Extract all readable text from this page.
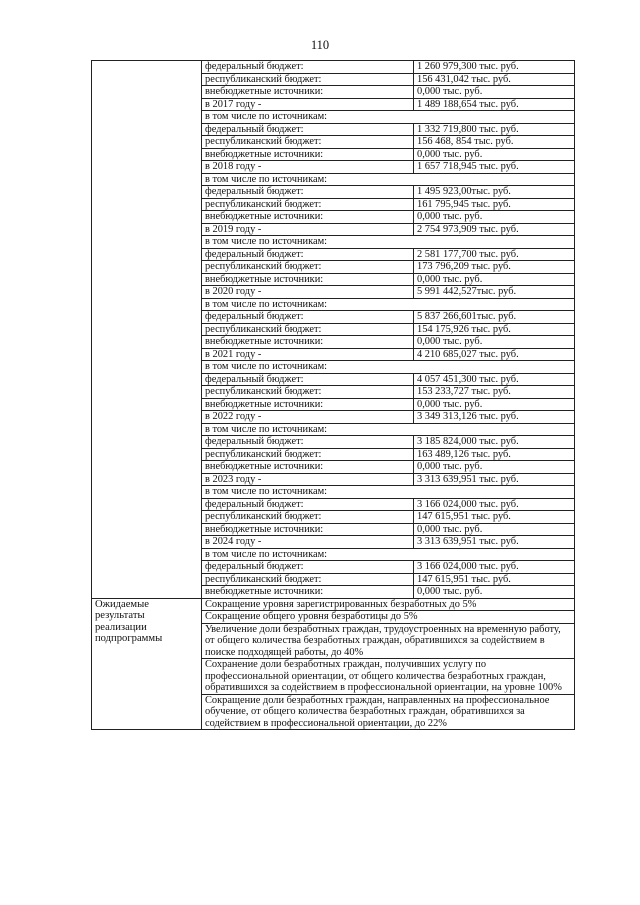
110
	федеральный бюджет:	1 260 979,300 тыс. руб.
	республиканский бюджет:	156 431,042 тыс. руб.
	внебюджетные источники:	0,000 тыс. руб.
	в 2017 году -	1 489 188,654 тыс. руб.
	в том числе по источникам:	
	федеральный бюджет:	1 332 719,800 тыс. руб.
	республиканский бюджет:	156 468, 854 тыс. руб.
	внебюджетные источники:	0,000 тыс. руб.
	в 2018 году -	1 657 718,945 тыс. руб.
	в том числе по источникам:	
	федеральный бюджет:	1 495 923,00тыс. руб.
	республиканский бюджет:	161 795,945 тыс. руб.
	внебюджетные источники:	0,000 тыс. руб.
	в 2019 году -	2 754 973,909 тыс. руб.
	в том числе по источникам:	
	федеральный бюджет:	2 581 177,700 тыс. руб.
	республиканский бюджет:	173 796,209 тыс. руб.
	внебюджетные источники:	0,000 тыс. руб.
	в 2020 году -	5 991 442,527тыс. руб.
	в том числе по источникам:	
	федеральный бюджет:	5 837 266,601тыс. руб.
	республиканский бюджет:	154 175,926 тыс. руб.
	внебюджетные источники:	0,000 тыс. руб.
	в 2021 году -	4 210 685,027 тыс. руб.
	в том числе по источникам:	
	федеральный бюджет:	4 057 451,300 тыс. руб.
	республиканский бюджет:	153 233,727 тыс. руб.
	внебюджетные источники:	0,000 тыс. руб.
	в 2022 году -	3 349 313,126 тыс. руб.
	в том числе по источникам:	
	федеральный бюджет:	3 185 824,000 тыс. руб.
	республиканский бюджет:	163 489,126 тыс. руб.
	внебюджетные источники:	0,000 тыс. руб.
	в 2023 году -	3 313 639,951 тыс. руб.
	в том числе по источникам:	
	федеральный бюджет:	3 166 024,000 тыс. руб.
	республиканский бюджет:	147 615,951 тыс. руб.
	внебюджетные источники:	0,000 тыс. руб.
	в 2024 году -	3 313 639,951 тыс. руб.
	в том числе по источникам:	
	федеральный бюджет:	3 166 024,000 тыс. руб.
	республиканский бюджет:	147 615,951 тыс. руб.
	внебюджетные источники:	0,000 тыс. руб.
Ожидаемые результаты реализации подпрограммы	Сокращение уровня зарегистрированных безработных до 5%	
	Сокращение общего уровня безработицы до 5%	
	Увеличение доли безработных граждан, трудоустроенных на временную работу, от общего количества безработных граждан, обратившихся за содействием в поиске подходящей работы, до 40%	
	Сохранение доли безработных граждан, получивших услугу по профессиональной ориентации, от общего количества безработных граждан, обратившихся за содействием в профессиональной ориентации, на уровне 100%	
	Сокращение доли безработных граждан, направленных на профессиональное обучение, от общего количества безработных граждан, обратившихся за содействием в профессиональной ориентации, до 22%	
